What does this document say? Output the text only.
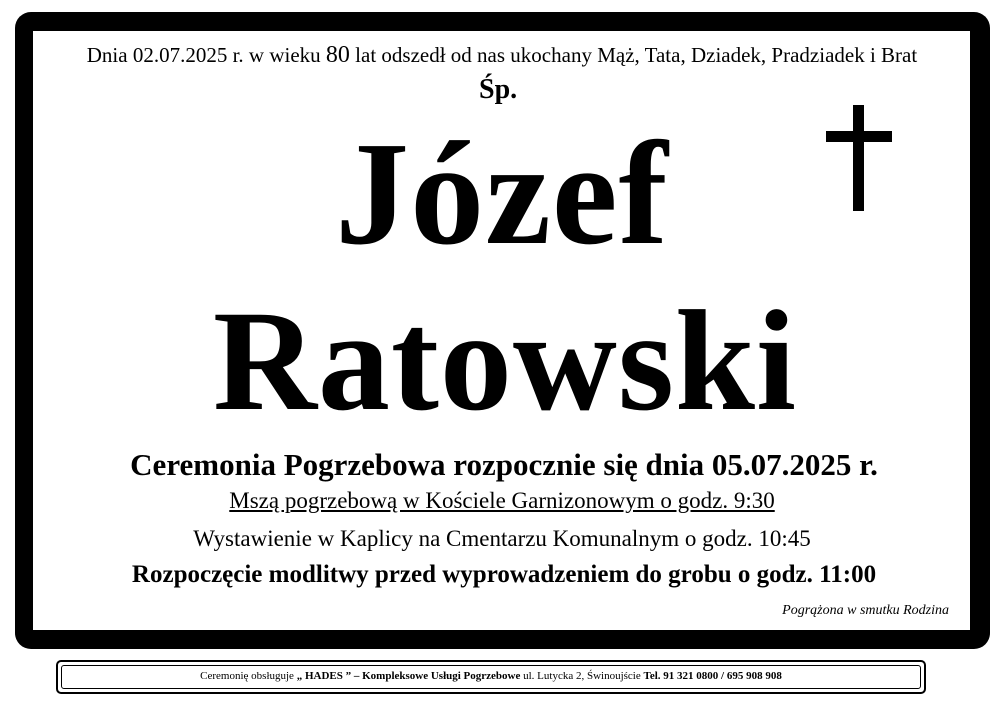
Dnia 02.07.2025 r. w wieku 80 lat odszedł od nas ukochany Mąż, Tata, Dziadek, Pradziadek i Brat
Śp.
Józef
Ratowski
Ceremonia Pogrzebowa rozpocznie się dnia 05.07.2025 r.
Mszą pogrzebową w Kościele Garnizonowym o godz. 9:30
Wystawienie w Kaplicy na Cmentarzu Komunalnym o godz. 10:45
Rozpoczęcie modlitwy przed wyprowadzeniem do grobu o godz. 11:00
Pogrążona w smutku Rodzina
Ceremonię obsługuje „ HADES ” – Kompleksowe Usługi Pogrzebowe ul. Lutycka 2, Świnoujście Tel. 91 321 0800 / 695 908 908
